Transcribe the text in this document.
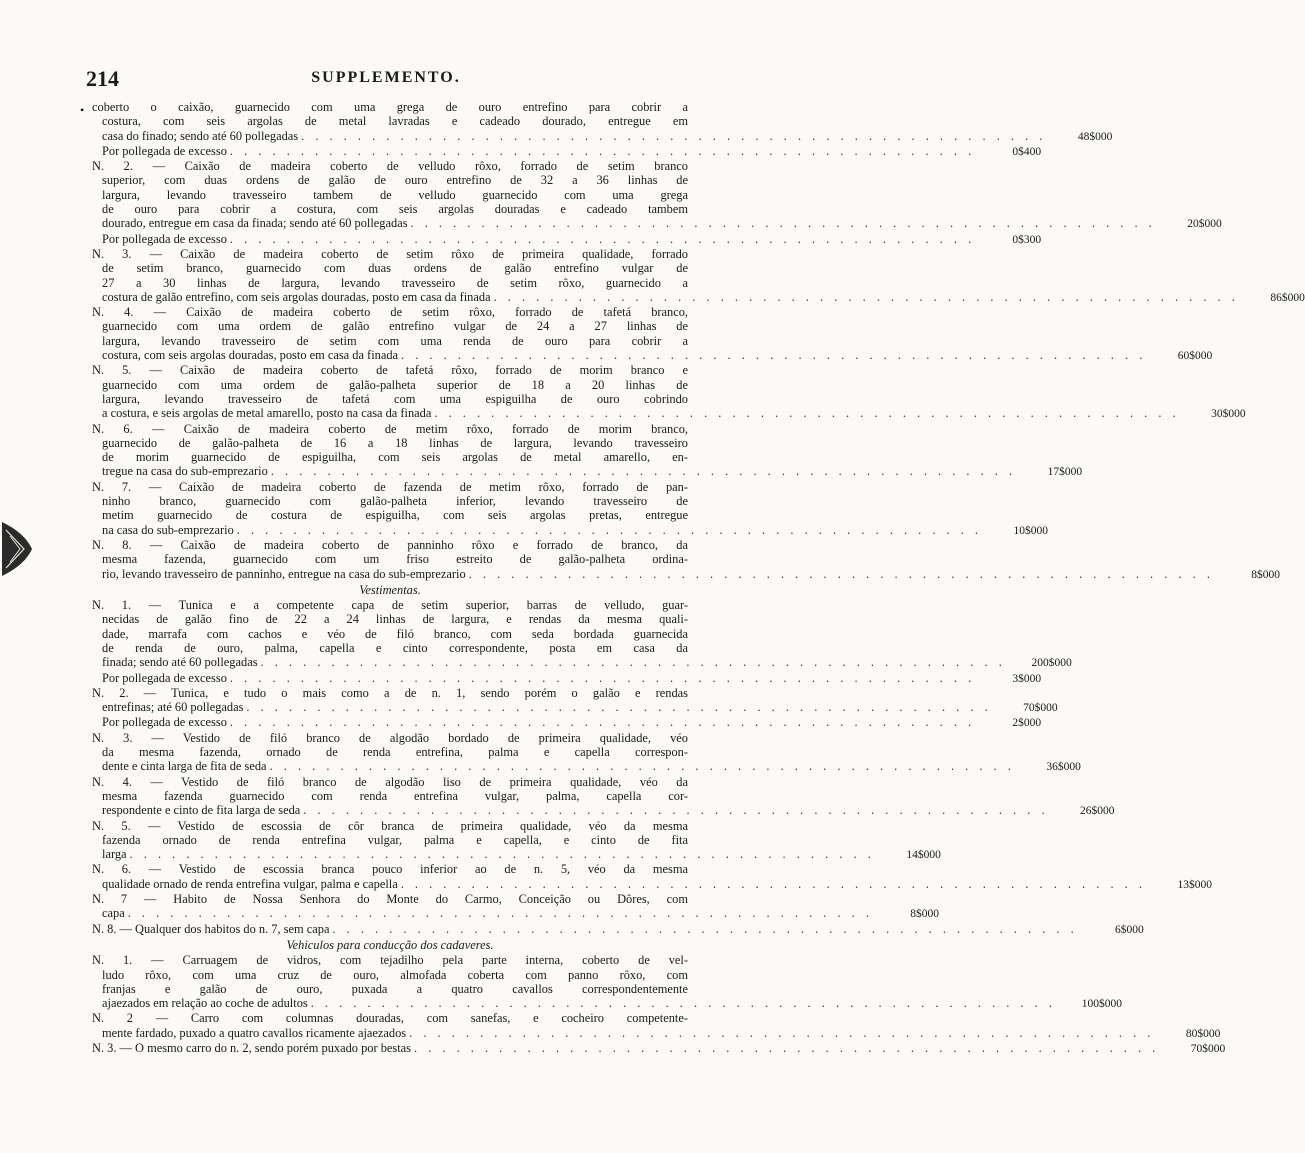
214	SUPPLEMENTO.
• coberto o caixão, guarnecido com uma grega de ouro entrefino para cobrir a
costura, com seis argolas de metal lavradas e cadeado dourado, entregue em
casa do finado; sendo até 60 pollegadas . . . . . . . . . . . . . . . . . . . . . . . . . . . . . . . . . . . . . . . . . . . . . . . . . . . . .	48$000
Por pollegada de excesso . . . . . . . . . . . . . . . . . . . . . . . . . . . . . . . . . . . . . . . . . . . . . . . . . . . . .	0$400
N. 2. — Caixão de madeira coberto de velludo rôxo, forrado de setim branco
superior, com duas ordens de galão de ouro entrefino de 32 a 36 linhas de
largura, levando travesseiro tambem de velludo guarnecido com uma grega
de ouro para cobrir a costura, com seis argolas douradas e cadeado tambem
dourado, entregue em casa da finada; sendo até 60 pollegadas . . . . . . . . . . . . . . . . . . . . . . . . . . . . . . . . . . . . . . . . . . . . . . . . . . . . .	20$000
Por pollegada de excesso . . . . . . . . . . . . . . . . . . . . . . . . . . . . . . . . . . . . . . . . . . . . . . . . . . . . .	0$300
N. 3. — Caixão de madeira coberto de setim rôxo de primeira qualidade, forrado
de setim branco, guarnecido com duas ordens de galão entrefino vulgar de
27 a 30 linhas de largura, levando travesseiro de setim rôxo, guarnecido a
costura de galão entrefino, com seis argolas douradas, posto em casa da finada . . . . . . . . . . . . . . . . . . . . . . . . . . . . . . . . . . . . . . . . . . . . . . . . . . . . .	86$000
N. 4. — Caixão de madeira coberto de setim rôxo, forrado de tafetá branco,
guarnecido com uma ordem de galão entrefino vulgar de 24 a 27 linhas de
largura, levando travesseiro de setim com uma renda de ouro para cobrir a
costura, com seis argolas douradas, posto em casa da finada . . . . . . . . . . . . . . . . . . . . . . . . . . . . . . . . . . . . . . . . . . . . . . . . . . . . .	60$000
N. 5. — Caixão de madeira coberto de tafetá rôxo, forrado de morim branco e
guarnecido com uma ordem de galão-palheta superior de 18 a 20 linhas de
largura, levando travesseiro de tafetá com uma espiguilha de ouro cobrindo
a costura, e seis argolas de metal amarello, posto na casa da finada . . . . . . . . . . . . . . . . . . . . . . . . . . . . . . . . . . . . . . . . . . . . . . . . . . . . .	30$000
N. 6. — Caixão de madeira coberto de metim rôxo, forrado de morim branco,
guarnecido de galão-palheta de 16 a 18 linhas de largura, levando travesseiro
de morim guarnecido de espiguilha, com seis argolas de metal amarello, en-
tregue na casa do sub-emprezario . . . . . . . . . . . . . . . . . . . . . . . . . . . . . . . . . . . . . . . . . . . . . . . . . . . . .	17$000
N. 7. — Caixão de madeira coberto de fazenda de metim rôxo, forrado de pan-
ninho branco, guarnecido com galão-palheta inferior, levando travesseiro de
metim guarnecido de costura de espiguilha, com seis argolas pretas, entregue
na casa do sub-emprezario . . . . . . . . . . . . . . . . . . . . . . . . . . . . . . . . . . . . . . . . . . . . . . . . . . . . .	10$000
N. 8. — Caixão de madeira coberto de panninho rôxo e forrado de branco, da
mesma fazenda, guarnecido com um friso estreito de galão-palheta ordina-
rio, levando travesseiro de panninho, entregue na casa do sub-emprezario . . . . . . . . . . . . . . . . . . . . . . . . . . . . . . . . . . . . . . . . . . . . . . . . . . . . .	8$000
Vestimentas.
N. 1. — Tunica e a competente capa de setim superior, barras de velludo, guar-
necidas de galão fino de 22 a 24 linhas de largura, e rendas da mesma quali-
dade, marrafa com cachos e véo de filó branco, com seda bordada guarnecida
de renda de ouro, palma, capella e cinto correspondente, posta em casa da
finada; sendo até 60 pollegadas . . . . . . . . . . . . . . . . . . . . . . . . . . . . . . . . . . . . . . . . . . . . . . . . . . . . .	200$000
Por pollegada de excesso . . . . . . . . . . . . . . . . . . . . . . . . . . . . . . . . . . . . . . . . . . . . . . . . . . . . .	3$000
N. 2. — Tunica, e tudo o mais como a de n. 1, sendo porém o galão e rendas
entrefinas; até 60 pollegadas . . . . . . . . . . . . . . . . . . . . . . . . . . . . . . . . . . . . . . . . . . . . . . . . . . . . .	70$000
Por pollegada de excesso . . . . . . . . . . . . . . . . . . . . . . . . . . . . . . . . . . . . . . . . . . . . . . . . . . . . .	2$000
N. 3. — Vestido de filó branco de algodão bordado de primeira qualidade, véo
da mesma fazenda, ornado de renda entrefina, palma e capella correspon-
dente e cinta larga de fita de seda . . . . . . . . . . . . . . . . . . . . . . . . . . . . . . . . . . . . . . . . . . . . . . . . . . . . .	36$000
N. 4. — Vestido de filó branco de algodão liso de primeira qualidade, véo da
mesma fazenda guarnecido com renda entrefina vulgar, palma, capella cor-
respondente e cinto de fita larga de seda . . . . . . . . . . . . . . . . . . . . . . . . . . . . . . . . . . . . . . . . . . . . . . . . . . . . .	26$000
N. 5. — Vestido de escossia de côr branca de primeira qualidade, véo da mesma
fazenda ornado de renda entrefina vulgar, palma e capella, e cinto de fita
larga . . . . . . . . . . . . . . . . . . . . . . . . . . . . . . . . . . . . . . . . . . . . . . . . . . . . .	14$000
N. 6. — Vestido de escossia branca pouco inferior ao de n. 5, véo da mesma
qualidade ornado de renda entrefina vulgar, palma e capella . . . . . . . . . . . . . . . . . . . . . . . . . . . . . . . . . . . . . . . . . . . . . . . . . . . . .	13$000
N. 7 — Habito de Nossa Senhora do Monte do Carmo, Conceição ou Dôres, com
capa . . . . . . . . . . . . . . . . . . . . . . . . . . . . . . . . . . . . . . . . . . . . . . . . . . . . .	8$000
N. 8. — Qualquer dos habitos do n. 7, sem capa . . . . . . . . . . . . . . . . . . . . . . . . . . . . . . . . . . . . . . . . . . . . . . . . . . . . .	6$000
Vehiculos para conducção dos cadaveres.
N. 1. — Carruagem de vidros, com tejadilho pela parte interna, coberto de vel-
ludo rôxo, com uma cruz de ouro, almofada coberta com panno rôxo, com
franjas e galão de ouro, puxada a quatro cavallos correspondentemente
ajaezados em relação ao coche de adultos . . . . . . . . . . . . . . . . . . . . . . . . . . . . . . . . . . . . . . . . . . . . . . . . . . . . .	100$000
N. 2 — Carro com columnas douradas, com sanefas, e cocheiro competente-
mente fardado, puxado a quatro cavallos ricamente ajaezados . . . . . . . . . . . . . . . . . . . . . . . . . . . . . . . . . . . . . . . . . . . . . . . . . . . . .	80$000
N. 3. — O mesmo carro do n. 2, sendo porém puxado por bestas . . . . . . . . . . . . . . . . . . . . . . . . . . . . . . . . . . . . . . . . . . . . . . . . . . . . .	70$000
